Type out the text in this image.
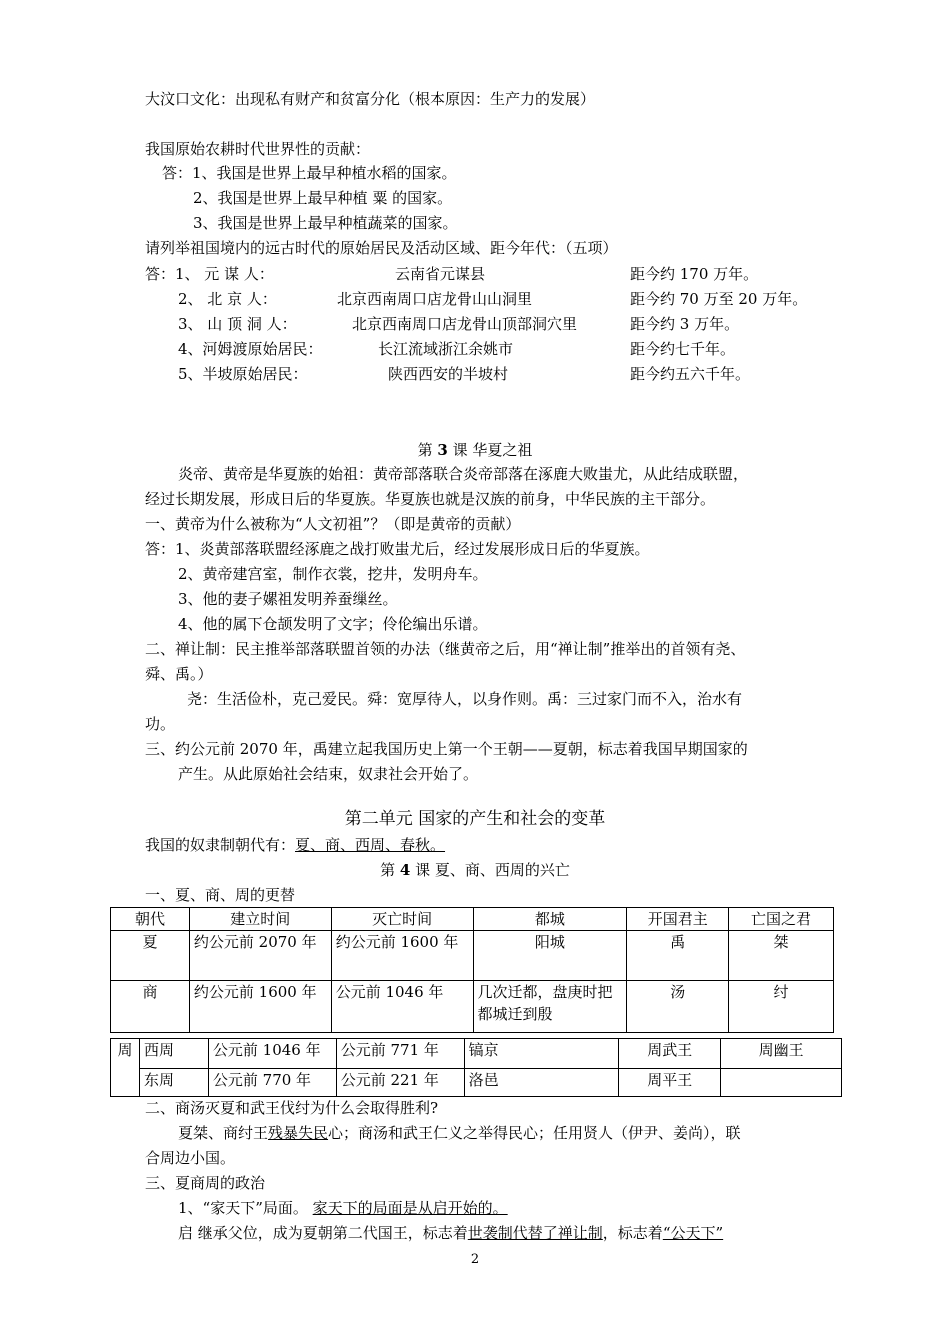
大汶口文化：出现私有财产和贫富分化（根本原因：生产力的发展）
我国原始农耕时代世界性的贡献：
答：1、我国是世界上最早种植水稻的国家。
2、我国是世界上最早种植 粟 的国家。
3、我国是世界上最早种植蔬菜的国家。
请列举祖国境内的远古时代的原始居民及活动区域、距今年代：（五项）
答：1、 元 谋 人：	云南省元谋县	距今约 170 万年。
2、 北 京 人：	北京西南周口店龙骨山山洞里	距今约 70 万至 20 万年。
3、 山 顶 洞 人：	北京西南周口店龙骨山顶部洞穴里	距今约 3 万年。
4、河姆渡原始居民：	长江流域浙江余姚市	距今约七千年。
5、半坡原始居民：	陕西西安的半坡村	距今约五六千年。
第 3 课 华夏之祖
炎帝、黄帝是华夏族的始祖：黄帝部落联合炎帝部落在涿鹿大败蚩尤，从此结成联盟，
经过长期发展，形成日后的华夏族。华夏族也就是汉族的前身，中华民族的主干部分。
一、黄帝为什么被称为“人文初祖”？（即是黄帝的贡献）
答：1、炎黄部落联盟经涿鹿之战打败蚩尤后，经过发展形成日后的华夏族。
2、黄帝建宫室，制作衣裳，挖井，发明舟车。
3、他的妻子嫘祖发明养蚕缫丝。
4、他的属下仓颉发明了文字；伶伦编出乐谱。
二、禅让制：民主推举部落联盟首领的办法（继黄帝之后，用“禅让制”推举出的首领有尧、
舜、禹。）
尧：生活俭朴，克己爱民。舜：宽厚待人，以身作则。禹：三过家门而不入，治水有
功。
三、约公元前 2070 年，禹建立起我国历史上第一个王朝——夏朝，标志着我国早期国家的
产生。从此原始社会结束，奴隶社会开始了。
第二单元 国家的产生和社会的变革
我国的奴隶制朝代有：夏、商、西周、春秋。
第 4 课 夏、商、西周的兴亡
一、夏、商、周的更替
朝代	建立时间	灭亡时间	都城	开国君主	亡国之君
夏	约公元前 2070 年	约公元前 1600 年	阳城	禹	桀
商	约公元前 1600 年	公元前 1046 年	几次迁都，盘庚时把都城迁到殷	汤	纣
周	西周	公元前 1046 年	公元前 771 年	镐京	周武王	周幽王
	东周	公元前 770 年	公元前 221 年	洛邑	周平王	
二、商汤灭夏和武王伐纣为什么会取得胜利?
夏桀、商纣王残暴失民心；商汤和武王仁义之举得民心；任用贤人（伊尹、姜尚），联
合周边小国。
三、夏商周的政治
1、“家天下”局面。 家天下的局面是从启开始的。
启 继承父位，成为夏朝第二代国王，标志着世袭制代替了禅让制，标志着“公天下”
2
